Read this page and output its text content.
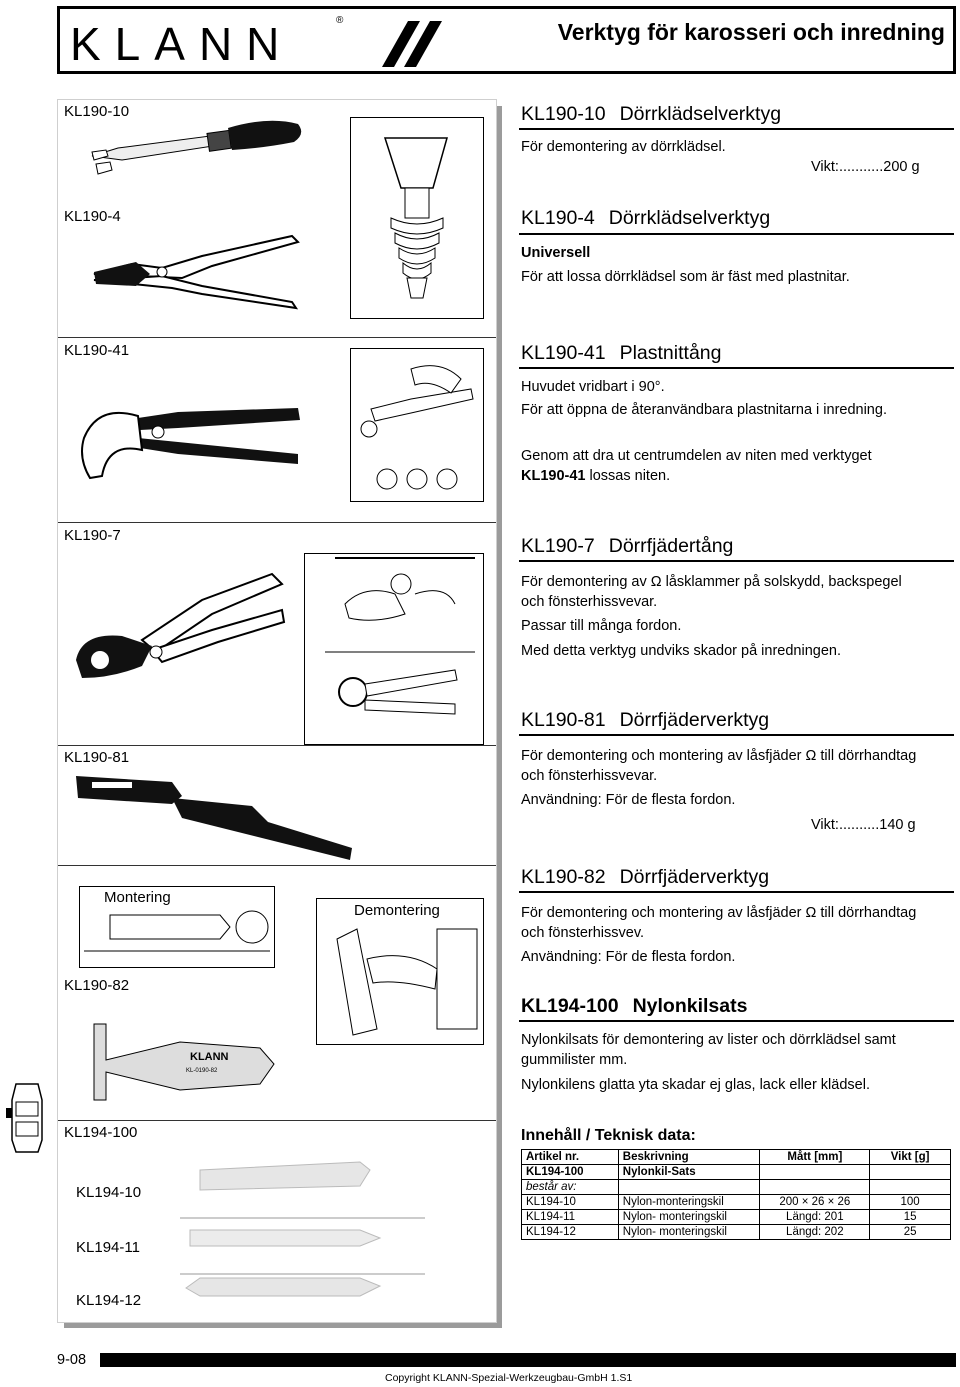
KLANN	®	Verktyg för karosseri och inredning
KL190-10
KL190-4
KL190-41
KL190-7
KL190-81
Montering
Demontering
KL190-82
KLANN
KL-0190-82
KL194-100
KL194-10
KL194-11
KL194-12
KL190-10 Dörrklädselverktyg
För demontering av dörrklädsel.
Vikt:...........200 g
KL190-4 Dörrklädselverktyg
Universell
För att lossa dörrklädsel som är fäst med plastnitar.
KL190-41 Plastnittång
Huvudet vridbart i 90°.
För att öppna de återanvändbara plastnitarna i inredning.
Genom att dra ut centrumdelen av niten med verktyget
KL190-41 lossas niten.
KL190-7 Dörrfjädertång
För demontering av Ω låsklammer på solskydd, backspegel
och fönsterhissvevar.
Passar till många fordon.
Med detta verktyg undviks skador på inredningen.
KL190-81 Dörrfjäderverktyg
För demontering och montering av låsfjäder Ω till dörrhandtag
och fönsterhissvevar.
Användning: För de flesta fordon.
Vikt:..........140 g
KL190-82 Dörrfjäderverktyg
För demontering och montering av låsfjäder Ω till dörrhandtag
och fönsterhissvev.
Användning: För de flesta fordon.
KL194-100 Nylonkilsats
Nylonkilsats för demontering av lister och dörrklädsel samt
gummilister mm.
Nylonkilens glatta yta skadar ej glas, lack eller klädsel.
Innehåll / Teknisk data:
Artikel nr.	Beskrivning	Mått [mm]	Vikt [g]
KL194-100	Nylonkil-Sats		
består av:			
KL194-10	Nylon-monteringskil	200 × 26 × 26	100
KL194-11	Nylon- monteringskil	Längd: 201	15
KL194-12	Nylon- monteringskil	Längd: 202	25
9-08
Copyright KLANN-Spezial-Werkzeugbau-GmbH 1.S1
